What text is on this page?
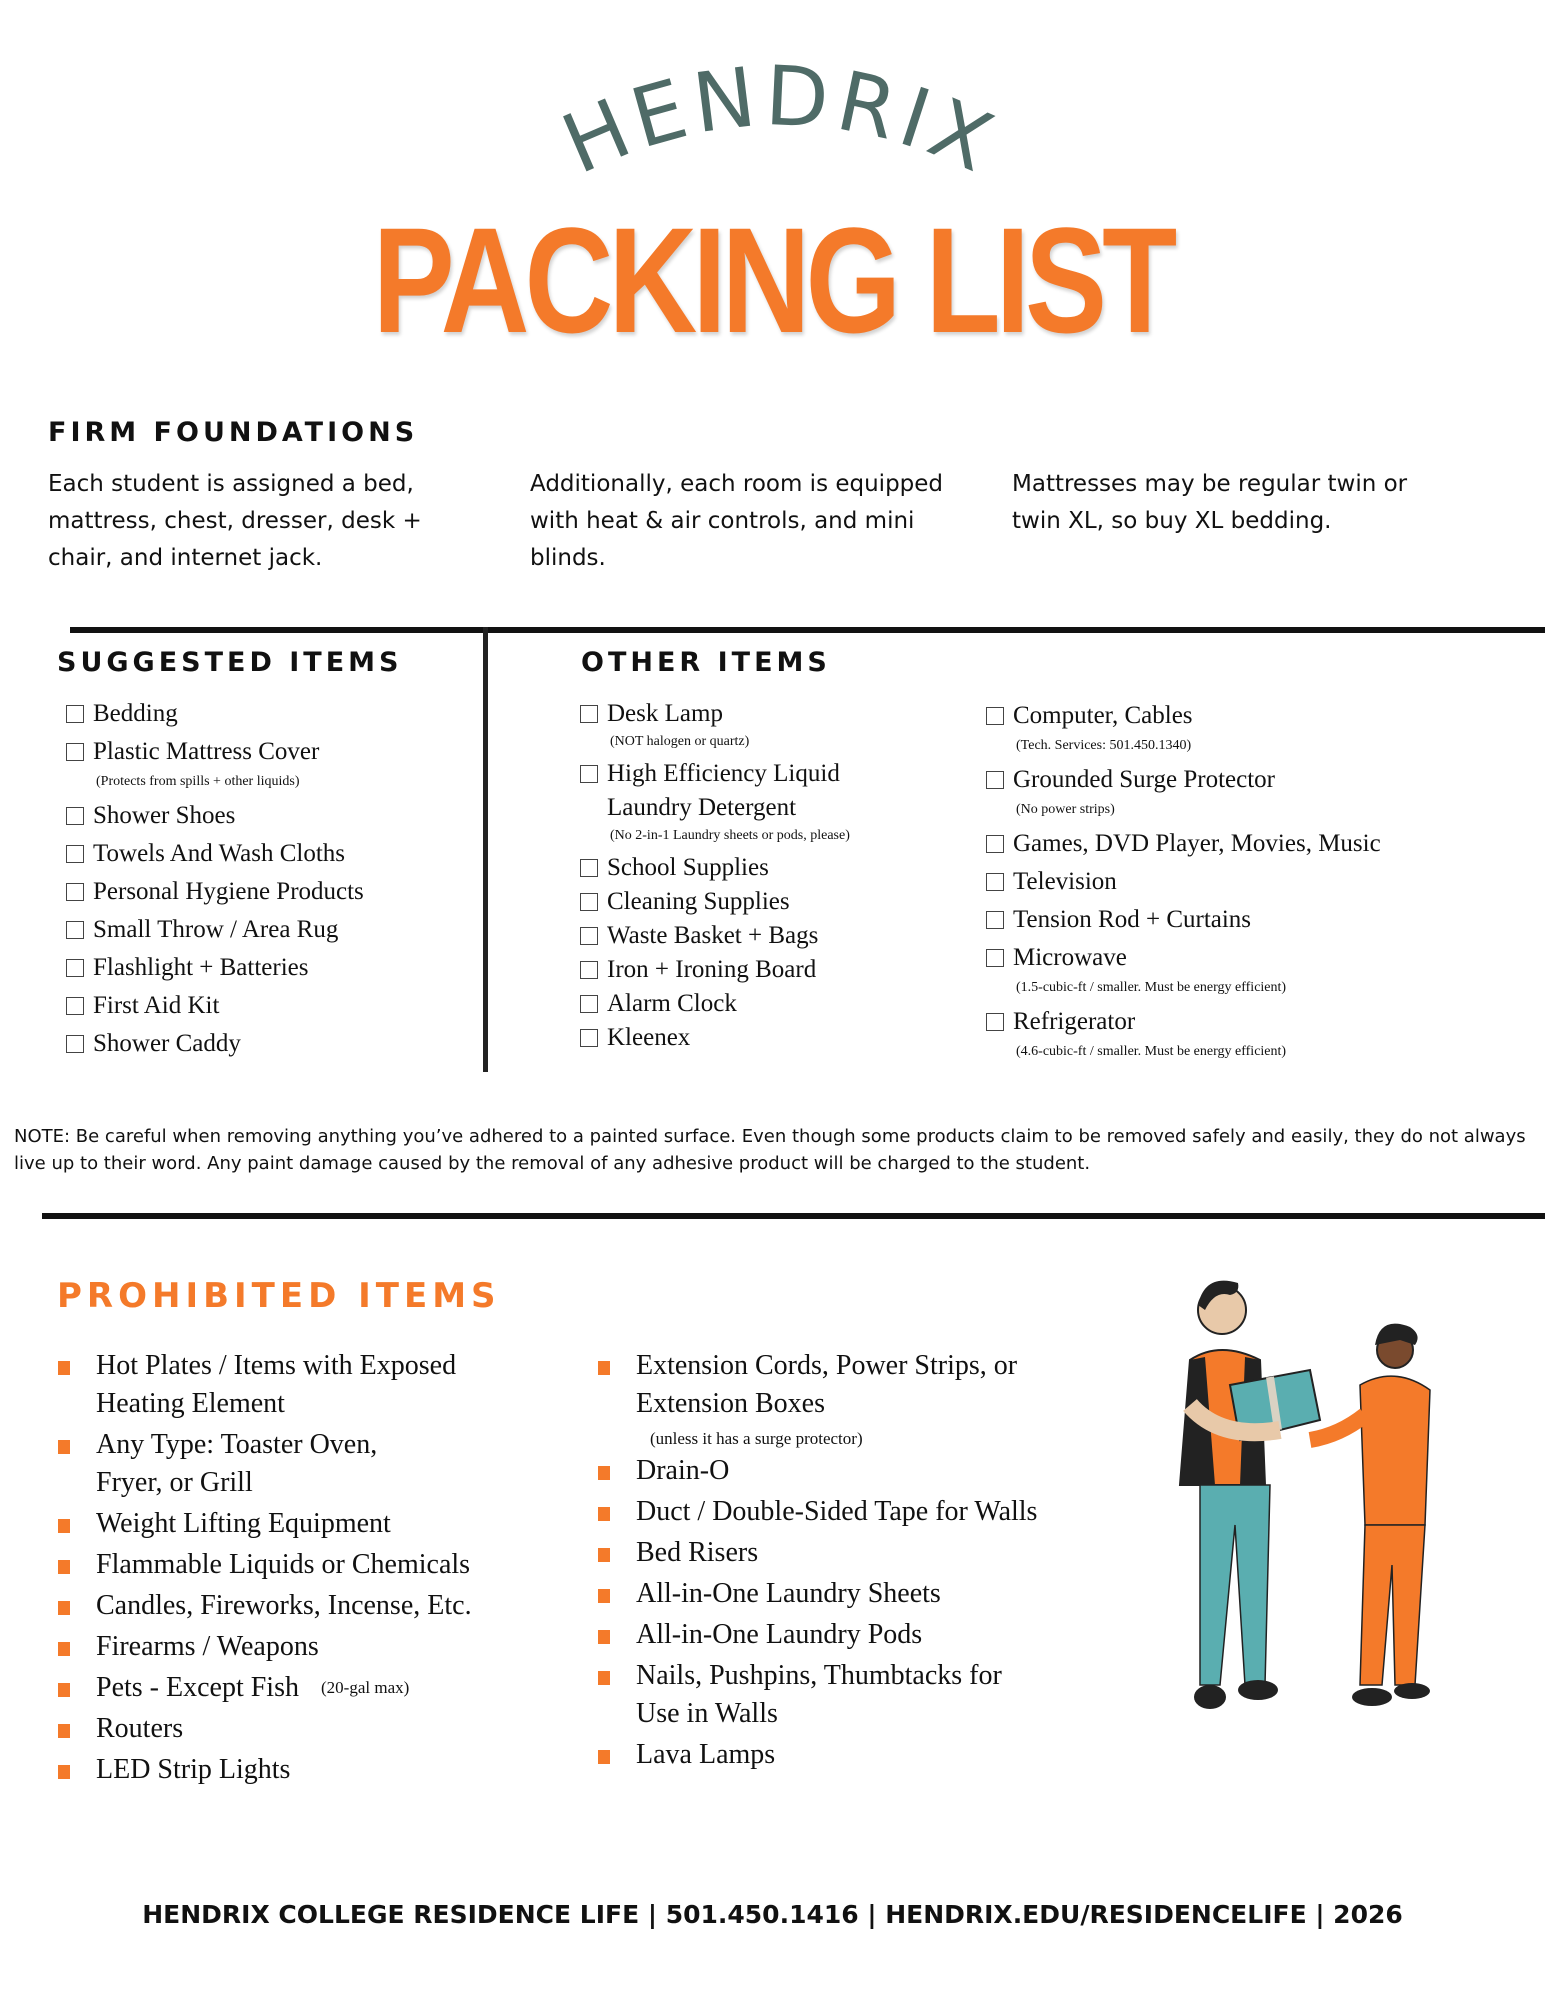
HENDRIX
PACKING LIST
FIRM FOUNDATIONS
Each student is assigned a bed, mattress, chest, dresser, desk + chair, and internet jack.
Additionally, each room is equipped with heat & air controls, and mini blinds.
Mattresses may be regular twin or twin XL, so buy XL bedding.
SUGGESTED ITEMS	OTHER ITEMS
Bedding
Plastic Mattress Cover
(Protects from spills + other liquids)
Shower Shoes
Towels And Wash Cloths
Personal Hygiene Products
Small Throw / Area Rug
Flashlight + Batteries
First Aid Kit
Shower Caddy
Desk Lamp
(NOT halogen or quartz)
High Efficiency Liquid
Laundry Detergent
(No 2-in-1 Laundry sheets or pods, please)
School Supplies
Cleaning Supplies
Waste Basket + Bags
Iron + Ironing Board
Alarm Clock
Kleenex
Computer, Cables
(Tech. Services: 501.450.1340)
Grounded Surge Protector
(No power strips)
Games, DVD Player, Movies, Music
Television
Tension Rod + Curtains
Microwave
(1.5-cubic-ft / smaller. Must be energy efficient)
Refrigerator
(4.6-cubic-ft / smaller. Must be energy efficient)
NOTE: Be careful when removing anything you’ve adhered to a painted surface. Even though some products claim to be removed safely and easily, they do not always live up to their word. Any paint damage caused by the removal of any adhesive product will be charged to the student.
PROHIBITED ITEMS
Hot Plates / Items with Exposed
Heating Element
Any Type: Toaster Oven,
Fryer, or Grill
Weight Lifting Equipment
Flammable Liquids or Chemicals
Candles, Fireworks, Incense, Etc.
Firearms / Weapons
Pets - Except Fish (20-gal max)
Routers
LED Strip Lights
Extension Cords, Power Strips, or
Extension Boxes
(unless it has a surge protector)
Drain-O
Duct / Double-Sided Tape for Walls
Bed Risers
All-in-One Laundry Sheets
All-in-One Laundry Pods
Nails, Pushpins, Thumbtacks for
Use in Walls
Lava Lamps
HENDRIX COLLEGE RESIDENCE LIFE | 501.450.1416 | HENDRIX.EDU/RESIDENCELIFE | 2026
